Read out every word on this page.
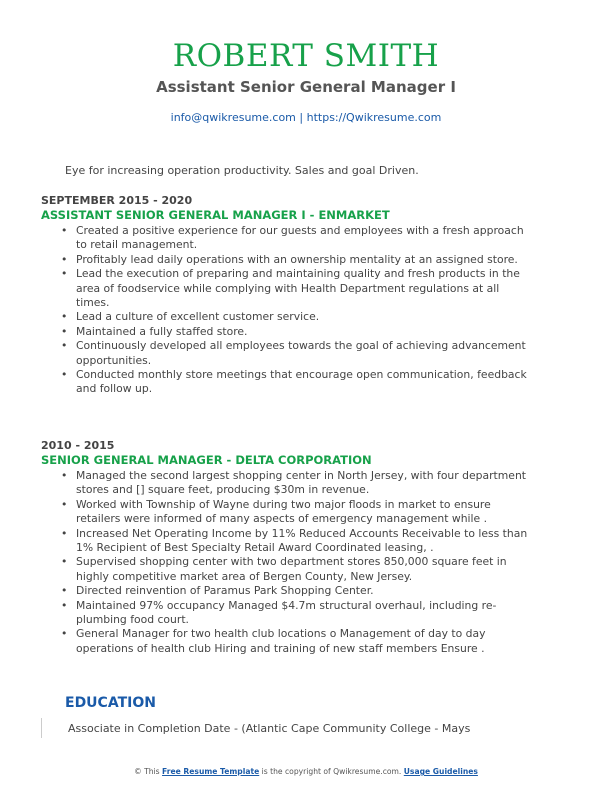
ROBERT SMITH
Assistant Senior General Manager I
info@qwikresume.com | https://Qwikresume.com
Eye for increasing operation productivity. Sales and goal Driven.
SEPTEMBER 2015 - 2020
ASSISTANT SENIOR GENERAL MANAGER I - ENMARKET
• Created a positive experience for our guests and employees with a fresh approach to retail management.
• Profitably lead daily operations with an ownership mentality at an assigned store.
• Lead the execution of preparing and maintaining quality and fresh products in the area of foodservice while complying with Health Department regulations at all times.
• Lead a culture of excellent customer service.
• Maintained a fully staffed store.
• Continuously developed all employees towards the goal of achieving advancement opportunities.
• Conducted monthly store meetings that encourage open communication, feedback and follow up.
2010 - 2015
SENIOR GENERAL MANAGER - DELTA CORPORATION
• Managed the second largest shopping center in North Jersey, with four department stores and [] square feet, producing $30m in revenue.
• Worked with Township of Wayne during two major floods in market to ensure retailers were informed of many aspects of emergency management while .
• Increased Net Operating Income by 11% Reduced Accounts Receivable to less than 1% Recipient of Best Specialty Retail Award Coordinated leasing, .
• Supervised shopping center with two department stores 850,000 square feet in highly competitive market area of Bergen County, New Jersey.
• Directed reinvention of Paramus Park Shopping Center.
• Maintained 97% occupancy Managed $4.7m structural overhaul, including re-plumbing food court.
• General Manager for two health club locations o Management of day to day operations of health club Hiring and training of new staff members Ensure .
EDUCATION
Associate in Completion Date - (Atlantic Cape Community College - Mays
© This Free Resume Template is the copyright of Qwikresume.com. Usage Guidelines
